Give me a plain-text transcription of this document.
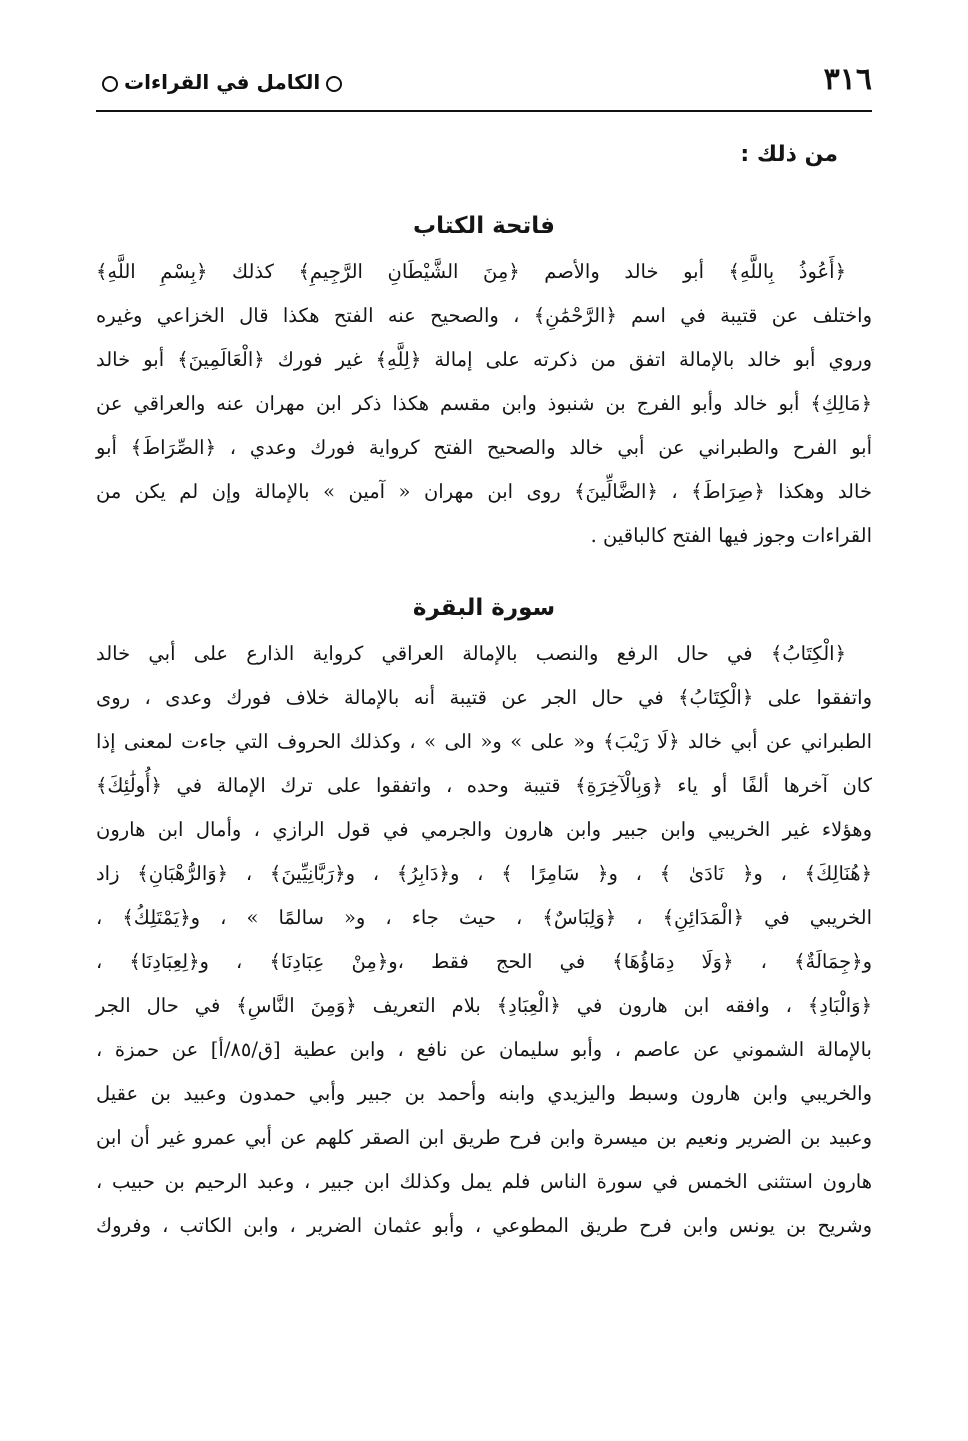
٣١٦
الكامل في القراءات

من ذلك :

فاتحة الكتاب

﴿أَعُوذُ بِاللَّهِ﴾ أبو خالد والأصم ﴿مِنَ الشَّيْطَانِ الرَّجِيمِ﴾ كذلك ﴿بِسْمِ اللَّهِ﴾

واختلف عن قتيبة في اسم ﴿الرَّحْمَٰنِ﴾ ، والصحيح عنه الفتح هكذا قال الخزاعي وغيره

وروي أبو خالد بالإمالة اتفق من ذكرته على إمالة ﴿لِلَّهِ﴾ غير فورك ﴿الْعَالَمِينَ﴾ أبو خالد

﴿مَالِكِ﴾ أبو خالد وأبو الفرج بن شنبوذ وابن مقسم هكذا ذكر ابن مهران عنه والعراقي عن

أبو الفرح والطبراني عن أبي خالد والصحيح الفتح كرواية فورك وعدي ، ﴿الصِّرَاطَ﴾ أبو

خالد وهكذا ﴿صِرَاطَ﴾ ، ﴿الضَّالِّينَ﴾ روى ابن مهران « آمين » بالإمالة وإن لم يكن من

القراءات وجوز فيها الفتح كالباقين .

سورة البقرة

﴿الْكِتَابُ﴾ في حال الرفع والنصب بالإمالة العراقي كرواية الذارع على أبي خالد

واتفقوا على ﴿الْكِتَابُ﴾ في حال الجر عن قتيبة أنه بالإمالة خلاف فورك وعدى ، روى

الطبراني عن أبي خالد ﴿لَا رَيْبَ﴾ و« على » و« الى » ، وكذلك الحروف التي جاءت لمعنى إذا

كان آخرها ألفًا أو ياء ﴿وَبِالْآخِرَةِ﴾ قتيبة وحده ، واتفقوا على ترك الإمالة في ﴿أُولَٰئِكَ﴾

وهؤلاء غير الخريبي وابن جبير وابن هارون والجرمي في قول الرازي ، وأمال ابن هارون

﴿هُنَالِكَ﴾ ، و﴿ نَادَىٰ ﴾ ، و﴿ سَامِرًا ﴾ ، و﴿دَابِرُ﴾ ، و﴿رَبَّانِيِّينَ﴾ ، ﴿وَالرُّهْبَانِ﴾ زاد

الخريبي في ﴿الْمَدَائِنِ﴾ ، ﴿وَلِبَاسٌ﴾ ، حيث جاء ، و« سالمًا » ، و﴿يَمْتَلِكُ﴾ ،

و﴿جِمَالَةٌ﴾ ، ﴿وَلَا دِمَاؤُهَا﴾ في الحج فقط ،و﴿مِنْ عِبَادِنَا﴾ ، و﴿لِعِبَادِنَا﴾ ،

﴿وَالْبَادِ﴾ ، وافقه ابن هارون في ﴿الْعِبَادِ﴾ بلام التعريف ﴿وَمِنَ النَّاسِ﴾ في حال الجر

بالإمالة الشموني عن عاصم ، وأبو سليمان عن نافع ، وابن عطية [ق/٨٥/أ] عن حمزة ،

والخريبي وابن هارون وسبط واليزيدي وابنه وأحمد بن جبير وأبي حمدون وعبيد بن عقيل

وعبيد بن الضرير ونعيم بن ميسرة وابن فرح طريق ابن الصقر كلهم عن أبي عمرو غير أن ابن

هارون استثنى الخمس في سورة الناس فلم يمل وكذلك ابن جبير ، وعبد الرحيم بن حبيب ،

وشريح بن يونس وابن فرح طريق المطوعي ، وأبو عثمان الضرير ، وابن الكاتب ، وفروك
